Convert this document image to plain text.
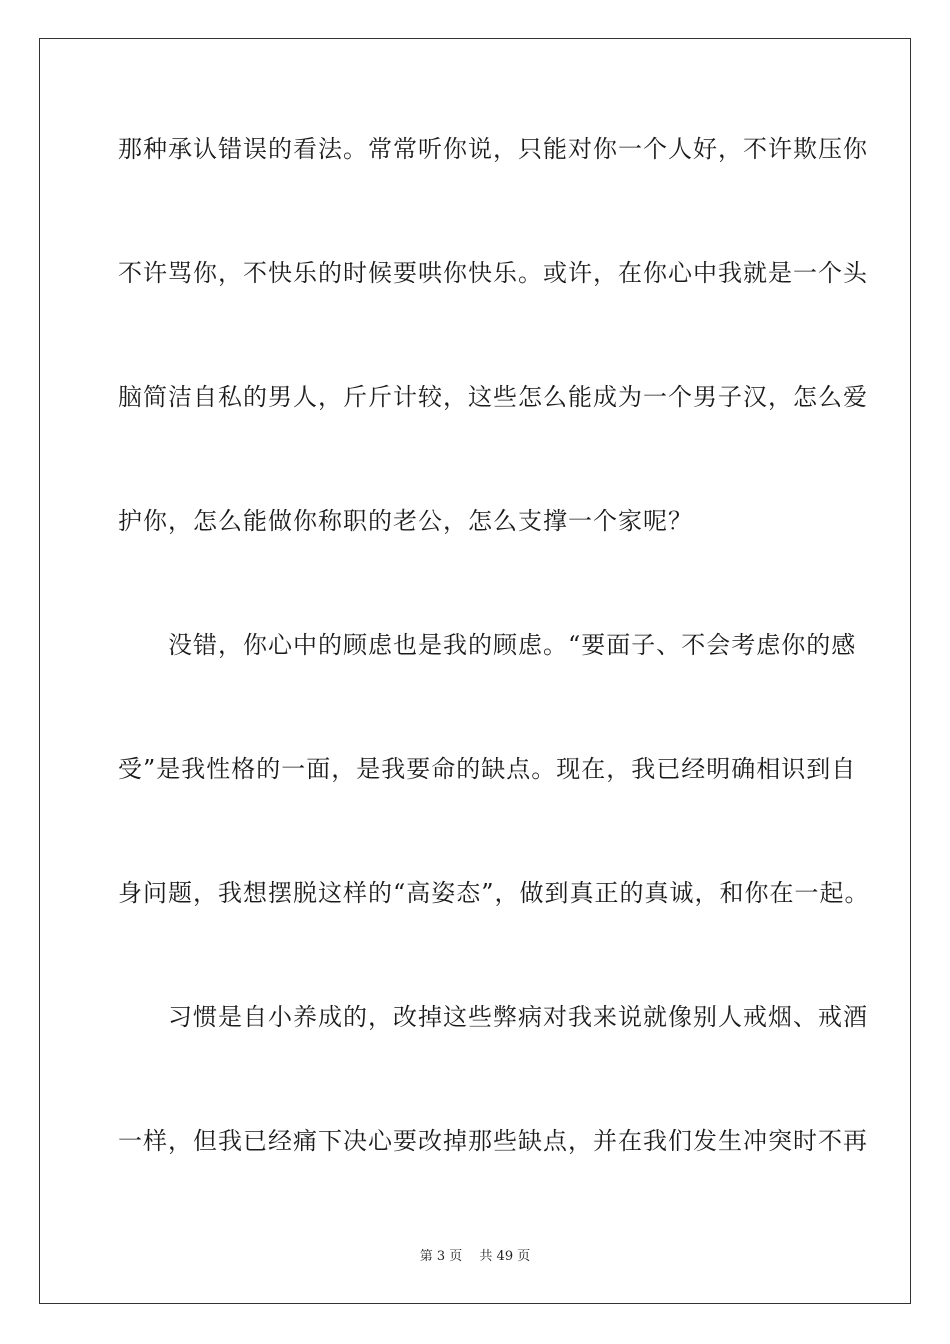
那种承认错误的看法。常常听你说，只能对你一个人好，不许欺压你
不许骂你，不快乐的时候要哄你快乐。或许，在你心中我就是一个头
脑简洁自私的男人，斤斤计较，这些怎么能成为一个男子汉，怎么爱
护你，怎么能做你称职的老公，怎么支撑一个家呢？
　　没错，你心中的顾虑也是我的顾虑。“要面子、不会考虑你的感
受”是我性格的一面，是我要命的缺点。现在，我已经明确相识到自
身问题，我想摆脱这样的“高姿态”，做到真正的真诚，和你在一起。
　　习惯是自小养成的，改掉这些弊病对我来说就像别人戒烟、戒酒
一样，但我已经痛下决心要改掉那些缺点，并在我们发生冲突时不再
第 3 页　 共 49 页
